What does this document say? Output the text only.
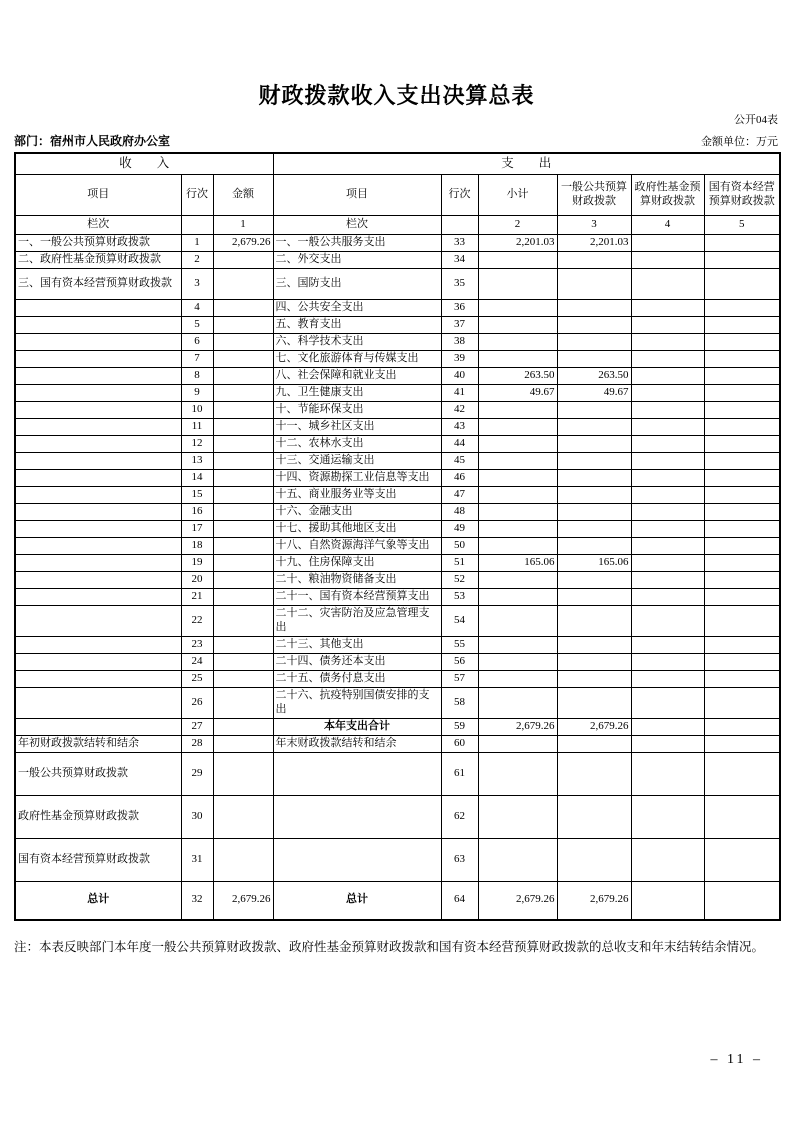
财政拨款收入支出决算总表
公开04表
部门：宿州市人民政府办公室	金额单位：万元
收　　入			支　　出					
项目	行次	金额	项目	行次	小计	一般公共预算财政拨款	政府性基金预算财政拨款	国有资本经营预算财政拨款
栏次		1	栏次		2	3	4	5
一、一般公共预算财政拨款	1	2,679.26	一、一般公共服务支出	33	2,201.03	2,201.03		
二、政府性基金预算财政拨款	2		二、外交支出	34				
三、国有资本经营预算财政拨款	3		三、国防支出	35				
	4		四、公共安全支出	36				
	5		五、教育支出	37				
	6		六、科学技术支出	38				
	7		七、文化旅游体育与传媒支出	39				
	8		八、社会保障和就业支出	40	263.50	263.50		
	9		九、卫生健康支出	41	49.67	49.67		
	10		十、节能环保支出	42				
	11		十一、城乡社区支出	43				
	12		十二、农林水支出	44				
	13		十三、交通运输支出	45				
	14		十四、资源勘探工业信息等支出	46				
	15		十五、商业服务业等支出	47				
	16		十六、金融支出	48				
	17		十七、援助其他地区支出	49				
	18		十八、自然资源海洋气象等支出	50				
	19		十九、住房保障支出	51	165.06	165.06		
	20		二十、粮油物资储备支出	52				
	21		二十一、国有资本经营预算支出	53				
	22		二十二、灾害防治及应急管理支出	54				
	23		二十三、其他支出	55				
	24		二十四、债务还本支出	56				
	25		二十五、债务付息支出	57				
	26		二十六、抗疫特别国债安排的支出	58				
	27		本年支出合计	59	2,679.26	2,679.26		
年初财政拨款结转和结余	28		年末财政拨款结转和结余	60				
一般公共预算财政拨款	29			61				
政府性基金预算财政拨款	30			62				
国有资本经营预算财政拨款	31			63				
总计	32	2,679.26	总计	64	2,679.26	2,679.26		
注：本表反映部门本年度一般公共预算财政拨款、政府性基金预算财政拨款和国有资本经营预算财政拨款的总收支和年末结转结余情况。
– 11 –
